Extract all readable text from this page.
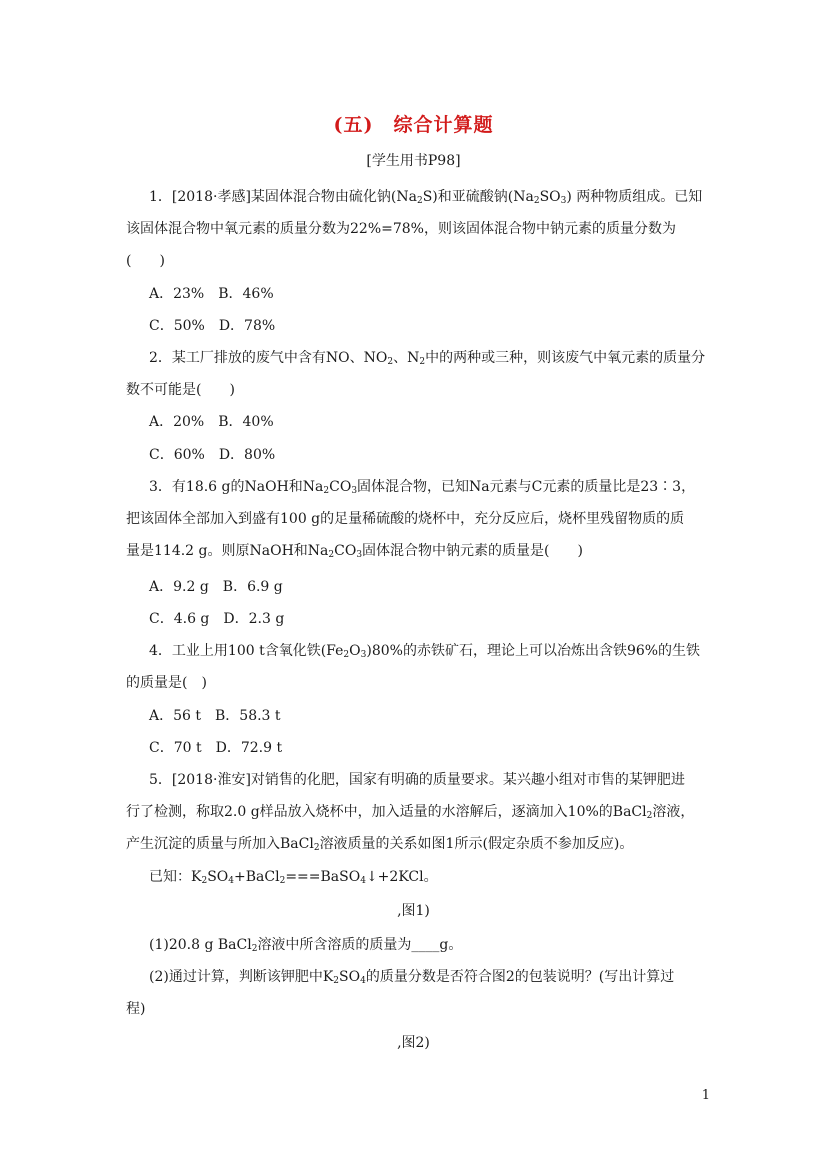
(五)　综合计算题
[学生用书P98]
1．[2018·孝感]某固体混合物由硫化钠$(Na_2S)$和亚硫酸钠$(Na_2SO_3)$ 两种物质组成。已知
该固体混合物中氧元素的质量分数为22%=78%，则该固体混合物中钠元素的质量分数为
(　　)
A．23%　B．46%
C．50%　D．78%
2．某工厂排放的废气中含有NO、$NO_2$、$N_2$中的两种或三种，则该废气中氧元素的质量分
数不可能是(　　)
A．20%　B．40%
C．60%　D．80%
3．有18.6 g的NaOH和$Na_2CO_3$固体混合物，已知Na元素与C元素的质量比是23∶3，
把该固体全部加入到盛有100 g的足量稀硫酸的烧杯中，充分反应后，烧杯里残留物质的质
量是114.2 g。则原NaOH和$Na_2CO_3$固体混合物中钠元素的质量是(　　)
A．9.2 g　B．6.9 g
C．4.6 g　D．2.3 g
4．工业上用100 t含氧化铁$(Fe_2O_3)80\%$的赤铁矿石，理论上可以冶炼出含铁96%的生铁
的质量是(　)
A．56 t　B．58.3 t
C．70 t　D．72.9 t
5．[2018·淮安]对销售的化肥，国家有明确的质量要求。某兴趣小组对市售的某钾肥进
行了检测，称取2.0 g样品放入烧杯中，加入适量的水溶解后，逐滴加入10%的BaCl$_2$溶液，
产生沉淀的质量与所加入BaCl$_2$溶液质量的关系如图1所示(假定杂质不参加反应)。
已知：$K_2SO_4+BaCl_2===BaSO_4↓+2KCl$。
,图1)
(1)20.8 g BaCl$_2$溶液中所含溶质的质量为____g。
(2)通过计算，判断该钾肥中$K_2SO_4$的质量分数是否符合图2的包装说明？(写出计算过
程)
,图2)
1
